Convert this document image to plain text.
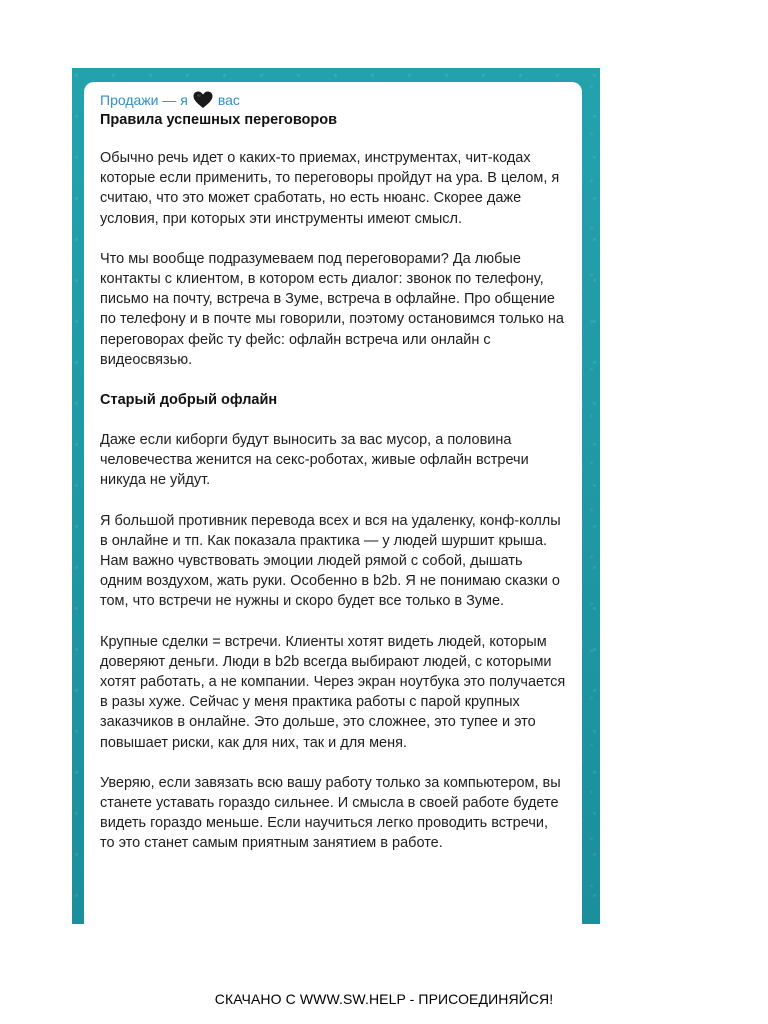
Продажи — я вас
Правила успешных переговоров

Обычно речь идет о каких-то приемах, инструментах, чит-кодах которые если применить, то переговоры пройдут на ура. В целом, я считаю, что это может сработать, но есть нюанс. Скорее даже условия, при которых эти инструменты имеют смысл.

Что мы вообще подразумеваем под переговорами? Да любые контакты с клиентом, в котором есть диалог: звонок по телефону, письмо на почту, встреча в Зуме, встреча в офлайне. Про общение по телефону и в почте мы говорили, поэтому остановимся только на переговорах фейс ту фейс: офлайн встреча или онлайн с видеосвязью.

Старый добрый офлайн

Даже если киборги будут выносить за вас мусор, а половина человечества женится на секс-роботах, живые офлайн встречи никуда не уйдут.

Я большой противник перевода всех и вся на удаленку, конф-коллы в онлайне и тп. Как показала практика — у людей шуршит крыша. Нам важно чувствовать эмоции людей рямой с собой, дышать одним воздухом, жать руки. Особенно в b2b. Я не понимаю сказки о том, что встречи не нужны и скоро будет все только в Зуме.

Крупные сделки = встречи. Клиенты хотят видеть людей, которым доверяют деньги. Люди в b2b всегда выбирают людей, с которыми хотят работать, а не компании. Через экран ноутбука это получается в разы хуже. Сейчас у меня практика работы с парой крупных заказчиков в онлайне. Это дольше, это сложнее, это тупее и это повышает риски, как для них, так и для меня.

Уверяю, если завязать всю вашу работу только за компьютером, вы станете уставать гораздо сильнее. И смысла в своей работе будете видеть гораздо меньше. Если научиться легко проводить встречи, то это станет самым приятным занятием в работе.

СКАЧАНО С WWW.SW.HELP - ПРИСОЕДИНЯЙСЯ!
